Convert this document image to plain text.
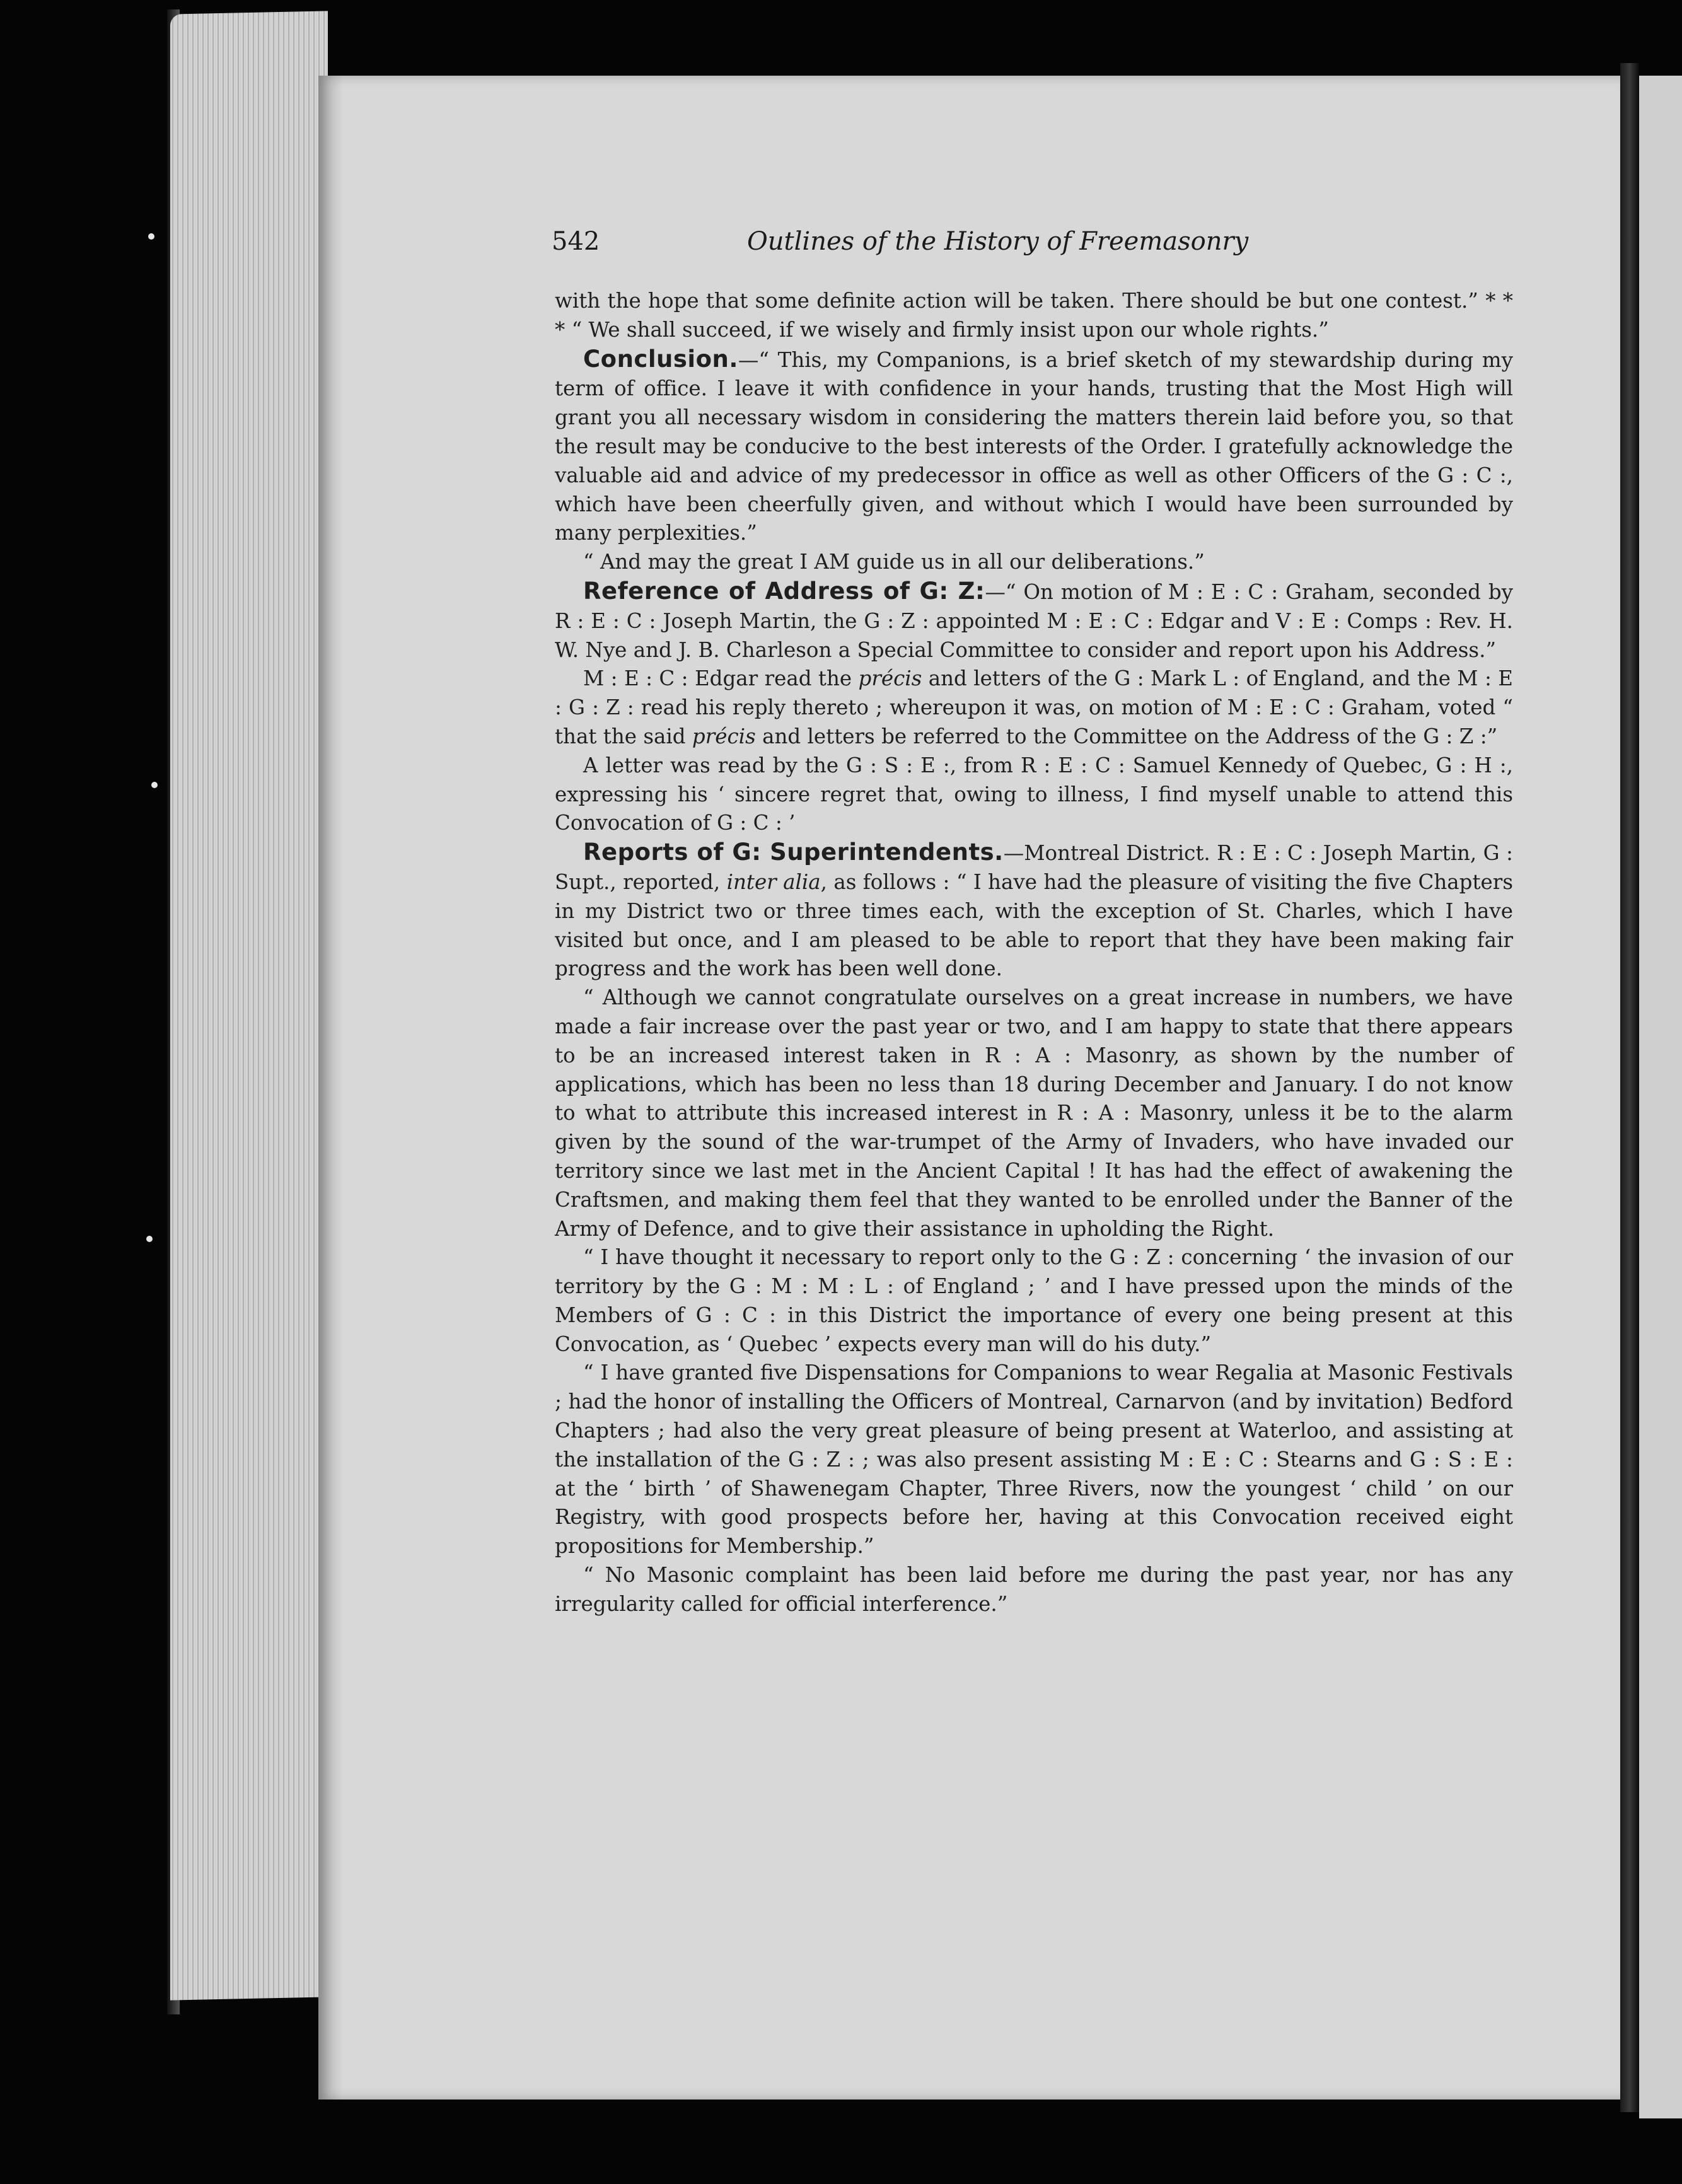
542	Outlines of the History of Freemasonry

with the hope that some definite action will be taken. There should be but one contest.” * * * “ We shall succeed, if we wisely and firmly insist upon our whole rights.”

Conclusion.—“ This, my Companions, is a brief sketch of my stewardship during my term of office. I leave it with confidence in your hands, trusting that the Most High will grant you all necessary wisdom in considering the matters therein laid before you, so that the result may be conducive to the best interests of the Order. I gratefully acknowledge the valuable aid and advice of my predecessor in office as well as other Officers of the G : C :, which have been cheerfully given, and without which I would have been surrounded by many perplexities.”

“ And may the great I AM guide us in all our deliberations.”

Reference of Address of G: Z:—“ On motion of M : E : C : Graham, seconded by R : E : C : Joseph Martin, the G : Z : appointed M : E : C : Edgar and V : E : Comps : Rev. H. W. Nye and J. B. Charleson a Special Committee to consider and report upon his Address.”

M : E : C : Edgar read the précis and letters of the G : Mark L : of England, and the M : E : G : Z : read his reply thereto ; whereupon it was, on motion of M : E : C : Graham, voted “ that the said précis and letters be referred to the Committee on the Address of the G : Z :”

A letter was read by the G : S : E :, from R : E : C : Samuel Kennedy of Quebec, G : H :, expressing his ‘ sincere regret that, owing to illness, I find myself unable to attend this Convocation of G : C : ’

Reports of G: Superintendents.—Montreal District. R : E : C : Joseph Martin, G : Supt., reported, inter alia, as follows : “ I have had the pleasure of visiting the five Chapters in my District two or three times each, with the exception of St. Charles, which I have visited but once, and I am pleased to be able to report that they have been making fair progress and the work has been well done.

“ Although we cannot congratulate ourselves on a great increase in numbers, we have made a fair increase over the past year or two, and I am happy to state that there appears to be an increased interest taken in R : A : Masonry, as shown by the number of applications, which has been no less than 18 during December and January. I do not know to what to attribute this increased interest in R : A : Masonry, unless it be to the alarm given by the sound of the war-trumpet of the Army of Invaders, who have invaded our territory since we last met in the Ancient Capital ! It has had the effect of awakening the Craftsmen, and making them feel that they wanted to be enrolled under the Banner of the Army of Defence, and to give their assistance in upholding the Right.

“ I have thought it necessary to report only to the G : Z : concerning ‘ the invasion of our territory by the G : M : M : L : of England ; ’ and I have pressed upon the minds of the Members of G : C : in this District the importance of every one being present at this Convocation, as ‘ Quebec ’ expects every man will do his duty.”

“ I have granted five Dispensations for Companions to wear Regalia at Masonic Festivals ; had the honor of installing the Officers of Montreal, Carnarvon (and by invitation) Bedford Chapters ; had also the very great pleasure of being present at Waterloo, and assisting at the installation of the G : Z : ; was also present assisting M : E : C : Stearns and G : S : E : at the ‘ birth ’ of Shawenegam Chapter, Three Rivers, now the youngest ‘ child ’ on our Registry, with good prospects before her, having at this Convocation received eight propositions for Membership.”

“ No Masonic complaint has been laid before me during the past year, nor has any irregularity called for official interference.”
